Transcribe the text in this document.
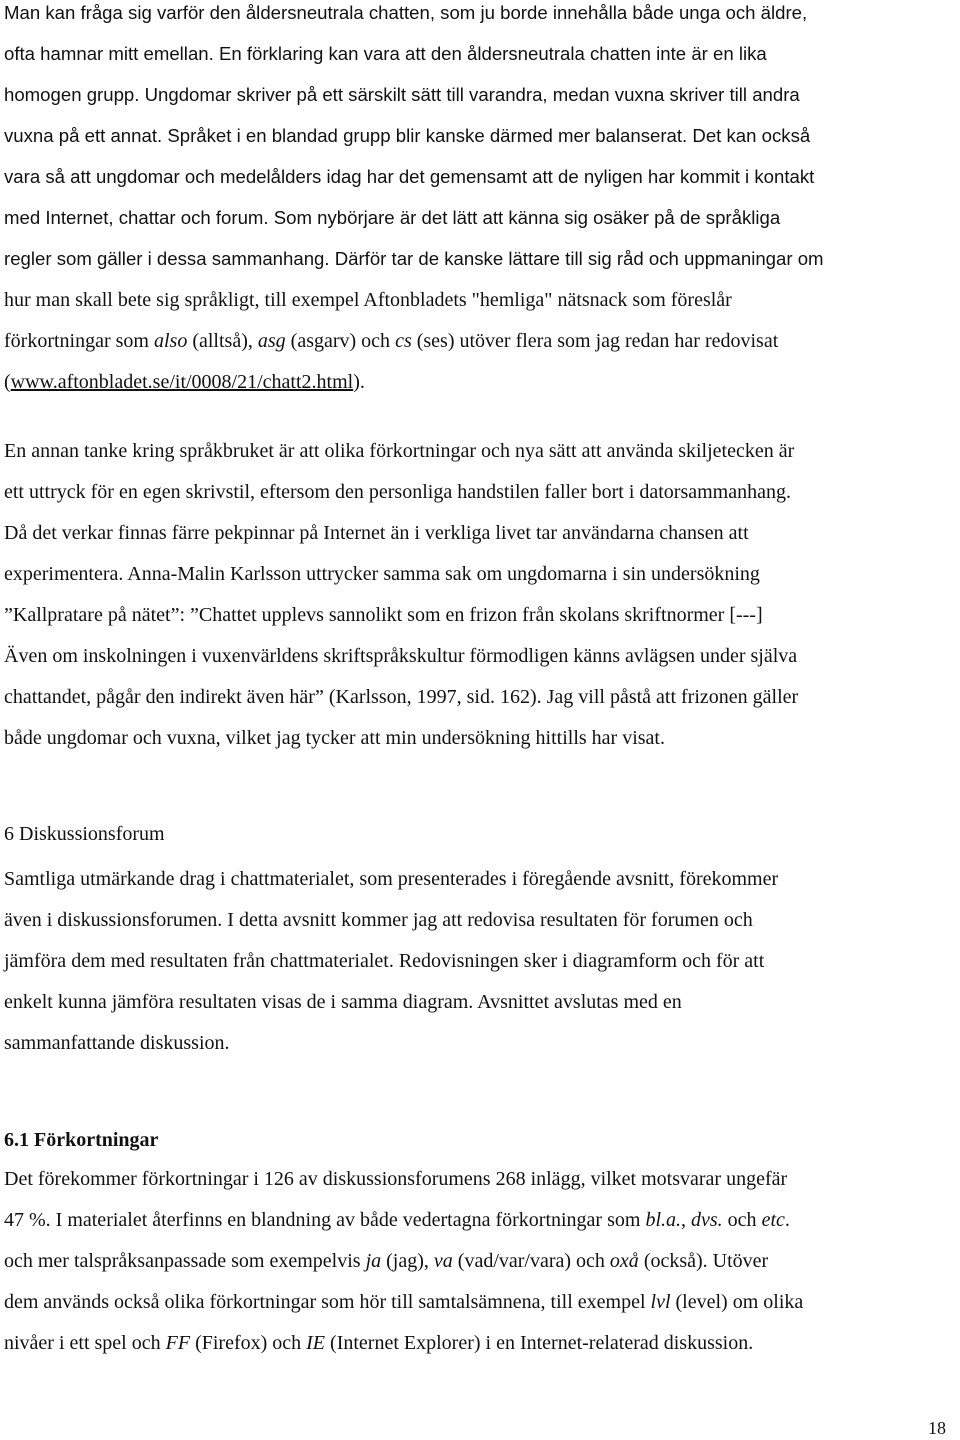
Man kan fråga sig varför den åldersneutrala chatten, som ju borde innehålla både unga och äldre,
ofta hamnar mitt emellan. En förklaring kan vara att den åldersneutrala chatten inte är en lika
homogen grupp. Ungdomar skriver på ett särskilt sätt till varandra, medan vuxna skriver till andra
vuxna på ett annat. Språket i en blandad grupp blir kanske därmed mer balanserat. Det kan också
vara så att ungdomar och medelålders idag har det gemensamt att de nyligen har kommit i kontakt
med Internet, chattar och forum. Som nybörjare är det lätt att känna sig osäker på de språkliga
regler som gäller i dessa sammanhang. Därför tar de kanske lättare till sig råd och uppmaningar om
hur man skall bete sig språkligt, till exempel Aftonbladets "hemliga" nätsnack som föreslår
förkortningar som also (alltså), asg (asgarv) och cs (ses) utöver flera som jag redan har redovisat
(www.aftonbladet.se/it/0008/21/chatt2.html).
En annan tanke kring språkbruket är att olika förkortningar och nya sätt att använda skiljetecken är
ett uttryck för en egen skrivstil, eftersom den personliga handstilen faller bort i datorsammanhang.
Då det verkar finnas färre pekpinnar på Internet än i verkliga livet tar användarna chansen att
experimentera. Anna-Malin Karlsson uttrycker samma sak om ungdomarna i sin undersökning
”Kallpratare på nätet”: ”Chattet upplevs sannolikt som en frizon från skolans skriftnormer [---]
Även om inskolningen i vuxenvärldens skriftspråkskultur förmodligen känns avlägsen under själva
chattandet, pågår den indirekt även här” (Karlsson, 1997, sid. 162). Jag vill påstå att frizonen gäller
både ungdomar och vuxna, vilket jag tycker att min undersökning hittills har visat.
6 Diskussionsforum
Samtliga utmärkande drag i chattmaterialet, som presenterades i föregående avsnitt, förekommer
även i diskussionsforumen. I detta avsnitt kommer jag att redovisa resultaten för forumen och
jämföra dem med resultaten från chattmaterialet. Redovisningen sker i diagramform och för att
enkelt kunna jämföra resultaten visas de i samma diagram. Avsnittet avslutas med en
sammanfattande diskussion.
6.1 Förkortningar
Det förekommer förkortningar i 126 av diskussionsforumens 268 inlägg, vilket motsvarar ungefär
47 %. I materialet återfinns en blandning av både vedertagna förkortningar som bl.a., dvs. och etc.
och mer talspråksanpassade som exempelvis ja (jag), va (vad/var/vara) och oxå (också). Utöver
dem används också olika förkortningar som hör till samtalsämnena, till exempel lvl (level) om olika
nivåer i ett spel och FF (Firefox) och IE (Internet Explorer) i en Internet-relaterad diskussion.
18
